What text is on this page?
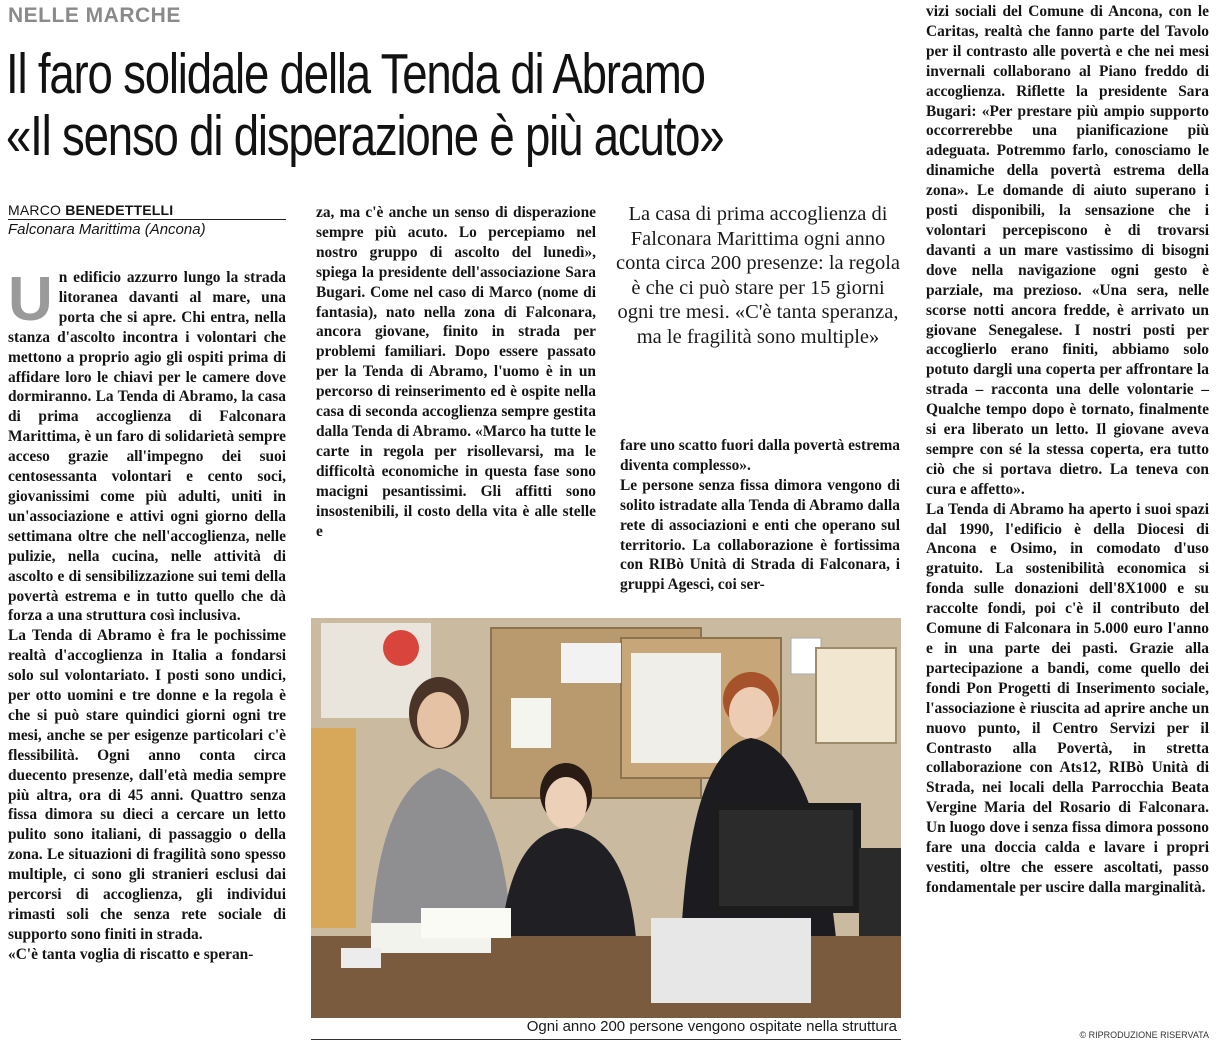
NELLE MARCHE
Il faro solidale della Tenda di Abramo
«Il senso di disperazione è più acuto»
MARCO BENEDETTELLI
Falconara Marittima (Ancona)
U n edificio azzurro lungo la strada litoranea davanti al mare, una porta che si apre. Chi entra, nella stanza d'ascolto incontra i volontari che mettono a proprio agio gli ospiti prima di affidare loro le chiavi per le camere dove dormiranno. La Tenda di Abramo, la casa di prima accoglienza di Falconara Marittima, è un faro di solidarietà sempre acceso grazie all'impegno dei suoi centosessanta volontari e cento soci, giovanissimi come più adulti, uniti in un'associazione e attivi ogni giorno della settimana oltre che nell'accoglienza, nelle pulizie, nella cucina, nelle attività di ascolto e di sensibilizzazione sui temi della povertà estrema e in tutto quello che dà forza a una struttura così inclusiva.

La Tenda di Abramo è fra le pochissime realtà d'accoglienza in Italia a fondarsi solo sul volontariato. I posti sono undici, per otto uomini e tre donne e la regola è che si può stare quindici giorni ogni tre mesi, anche se per esigenze particolari c'è flessibilità. Ogni anno conta circa duecento presenze, dall'età media sempre più altra, ora di 45 anni. Quattro senza fissa dimora su dieci a cercare un letto pulito sono italiani, di passaggio o della zona. Le situazioni di fragilità sono spesso multiple, ci sono gli stranieri esclusi dai percorsi di accoglienza, gli individui rimasti soli che senza rete sociale di supporto sono finiti in strada.

«C'è tanta voglia di riscatto e speran-

za, ma c'è anche un senso di disperazione sempre più acuto. Lo percepiamo nel nostro gruppo di ascolto del lunedì», spiega la presidente dell'associazione Sara Bugari. Come nel caso di Marco (nome di fantasia), nato nella zona di Falconara, ancora giovane, finito in strada per problemi familiari. Dopo essere passato per la Tenda di Abramo, l'uomo è in un percorso di reinserimento ed è ospite nella casa di seconda accoglienza sempre gestita dalla Tenda di Abramo. «Marco ha tutte le carte in regola per risollevarsi, ma le difficoltà economiche in questa fase sono macigni pesantissimi. Gli affitti sono insostenibili, il costo della vita è alle stelle e

La casa di prima accoglienza di Falconara Marittima ogni anno conta circa 200 presenze: la regola è che ci può stare per 15 giorni ogni tre mesi. «C'è tanta speranza, ma le fragilità sono multiple»

fare uno scatto fuori dalla povertà estrema diventa complesso».

Le persone senza fissa dimora vengono di solito istradate alla Tenda di Abramo dalla rete di associazioni e enti che operano sul territorio. La collaborazione è fortissima con RIBò Unità di Strada di Falconara, i gruppi Agesci, coi ser-

vizi sociali del Comune di Ancona, con le Caritas, realtà che fanno parte del Tavolo per il contrasto alle povertà e che nei mesi invernali collaborano al Piano freddo di accoglienza. Riflette la presidente Sara Bugari: «Per prestare più ampio supporto occorrerebbe una pianificazione più adeguata. Potremmo farlo, conosciamo le dinamiche della povertà estrema della zona». Le domande di aiuto superano i posti disponibili, la sensazione che i volontari percepiscono è di trovarsi davanti a un mare vastissimo di bisogni dove nella navigazione ogni gesto è parziale, ma prezioso. «Una sera, nelle scorse notti ancora fredde, è arrivato un giovane Senegalese. I nostri posti per accoglierlo erano finiti, abbiamo solo potuto dargli una coperta per affrontare la strada – racconta una delle volontarie – Qualche tempo dopo è tornato, finalmente si era liberato un letto. Il giovane aveva sempre con sé la stessa coperta, era tutto ciò che si portava dietro. La teneva con cura e affetto».

La Tenda di Abramo ha aperto i suoi spazi dal 1990, l'edificio è della Diocesi di Ancona e Osimo, in comodato d'uso gratuito. La sostenibilità economica si fonda sulle donazioni dell'8X1000 e su raccolte fondi, poi c'è il contributo del Comune di Falconara in 5.000 euro l'anno e in una parte dei pasti. Grazie alla partecipazione a bandi, come quello dei fondi Pon Progetti di Inserimento sociale, l'associazione è riuscita ad aprire anche un nuovo punto, il Centro Servizi per il Contrasto alla Povertà, in stretta collaborazione con Ats12, RIBò Unità di Strada, nei locali della Parrocchia Beata Vergine Maria del Rosario di Falconara. Un luogo dove i senza fissa dimora possono fare una doccia calda e lavare i propri vestiti, oltre che essere ascoltati, passo fondamentale per uscire dalla marginalità.

Ogni anno 200 persone vengono ospitate nella struttura	© RIPRODUZIONE RISERVATA
